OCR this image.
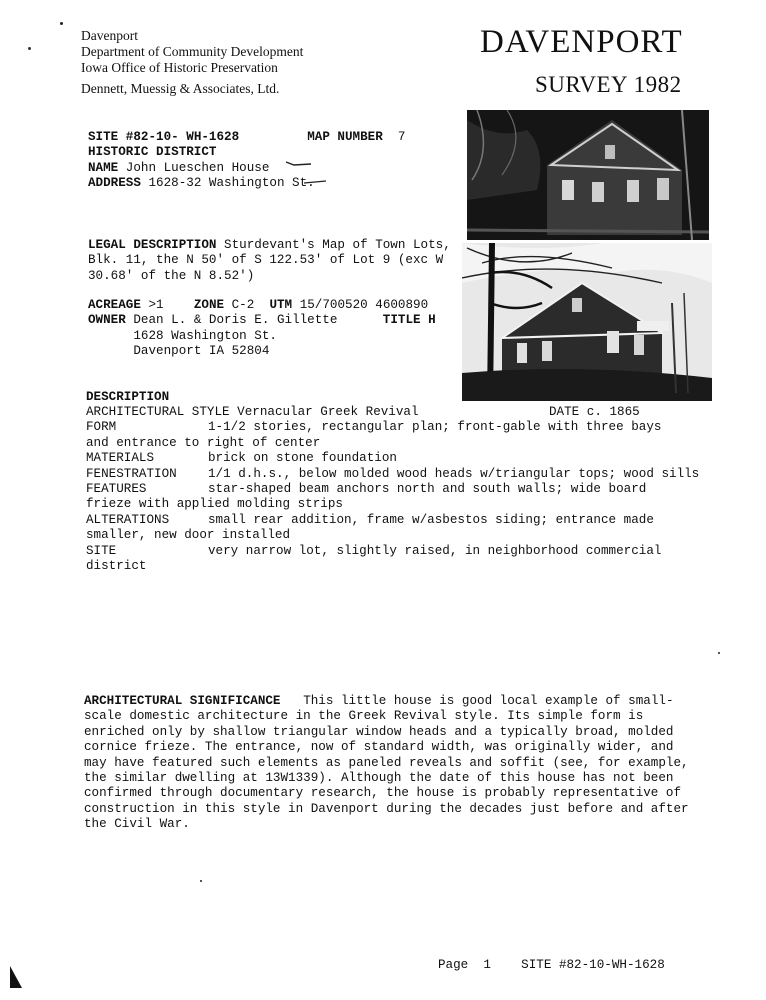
Davenport
Department of Community Development
Iowa Office of Historic Preservation
Dennett, Muessig & Associates, Ltd.
DAVENPORT
SURVEY 1982
SITE #82-10- WH-1628	MAP NUMBER 7
HISTORIC DISTRICT
NAME John Lueschen House
ADDRESS 1628-32 Washington St.
LEGAL DESCRIPTION Sturdevant's Map of Town Lots, Blk. 11, the N 50' of S 122.53' of Lot 9 (exc W 30.68' of the N 8.52')
ACREAGE >1 ZONE C-2 UTM 15/700520 4600890
OWNER Dean L. & Doris E. Gillette	TITLE H
1628 Washington St.
Davenport IA 52804
DESCRIPTION
ARCHITECTURAL STYLE Vernacular Greek Revival	DATE c. 1865
FORM	1-1/2 stories, rectangular plan; front-gable with three bays
and entrance to right of center
MATERIALS	brick on stone foundation
FENESTRATION 1/1 d.h.s., below molded wood heads w/triangular tops; wood sills
FEATURES	star-shaped beam anchors north and south walls; wide board
frieze with applied molding strips
ALTERATIONS	small rear addition, frame w/asbestos siding; entrance made
smaller, new door installed
SITE	very narrow lot, slightly raised, in neighborhood commercial
district
ARCHITECTURAL SIGNIFICANCE This little house is good local example of small-scale domestic architecture in the Greek Revival style. Its simple form is enriched only by shallow triangular window heads and a typically broad, molded cornice frieze. The entrance, now of standard width, was originally wider, and may have featured such elements as paneled reveals and soffit (see, for example, the similar dwelling at 13W1339). Although the date of this house has not been confirmed through documentary research, the house is probably representative of construction in this style in Davenport during the decades just before and after the Civil War.
Page 1 SITE #82-10-WH-1628
